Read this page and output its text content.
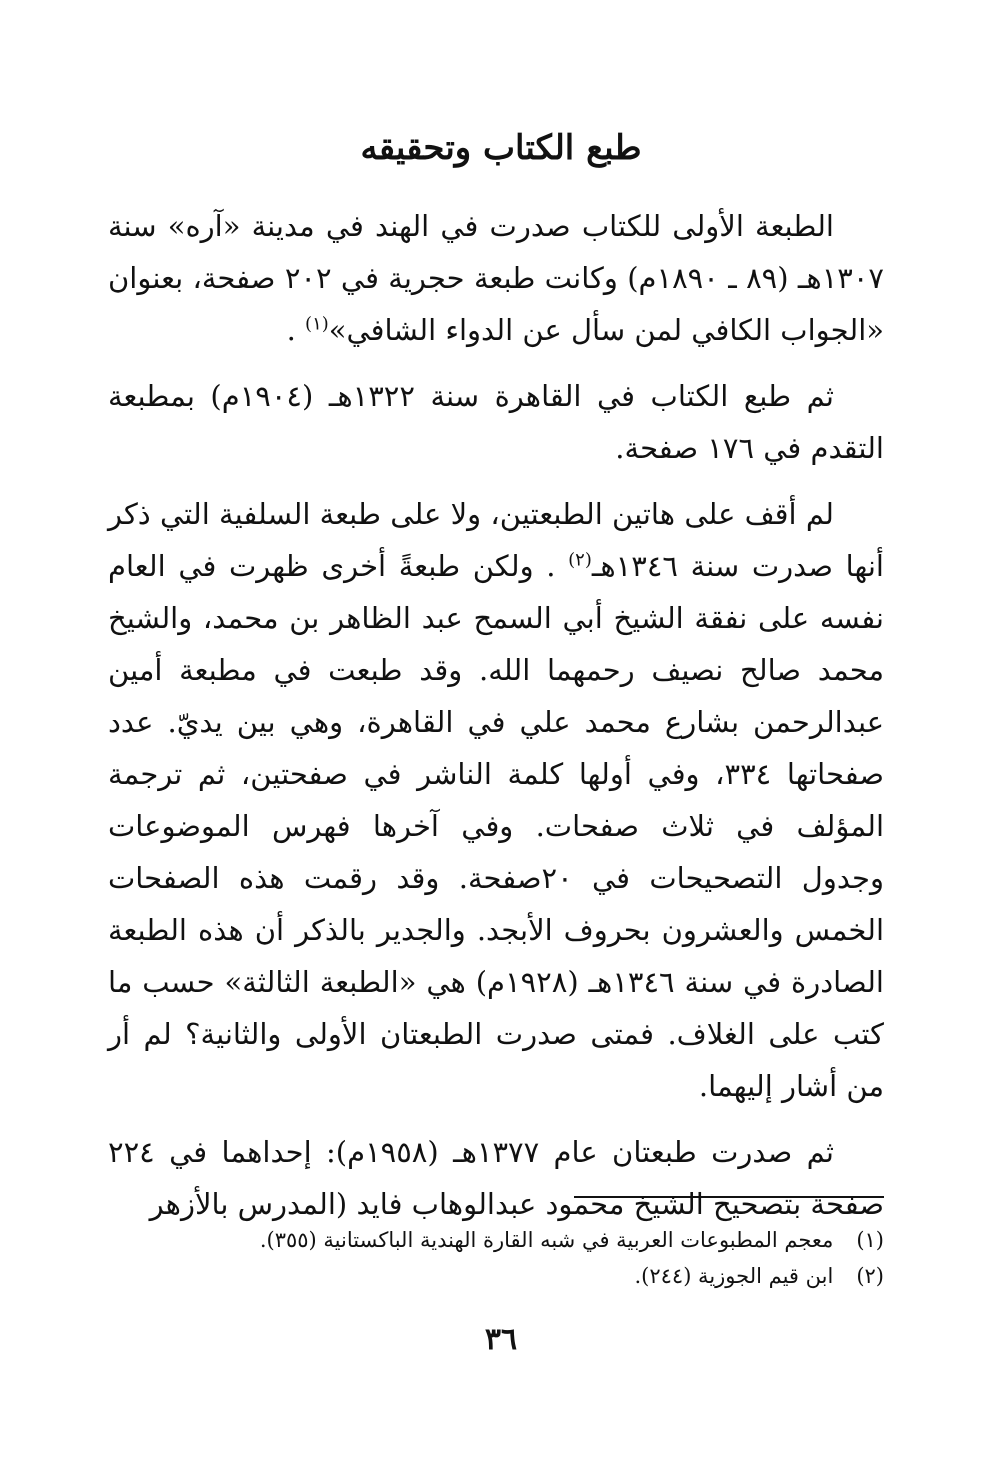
طبع الكتاب وتحقيقه

الطبعة الأولى للكتاب صدرت في الهند في مدينة «آره» سنة ١٣٠٧هـ (٨٩ ـ ١٨٩٠م) وكانت طبعة حجرية في ٢٠٢ صفحة، بعنوان «الجواب الكافي لمن سأل عن الدواء الشافي»$^{(١)}$ .

ثم طبع الكتاب في القاهرة سنة ١٣٢٢هـ (١٩٠٤م) بمطبعة التقدم في ١٧٦ صفحة.

لم أقف على هاتين الطبعتين، ولا على طبعة السلفية التي ذكر أنها صدرت سنة ١٣٤٦هـ$^{(٢)}$ . ولكن طبعةً أخرى ظهرت في العام نفسه على نفقة الشيخ أبي السمح عبد الظاهر بن محمد، والشيخ محمد صالح نصيف رحمهما الله. وقد طبعت في مطبعة أمين عبدالرحمن بشارع محمد علي في القاهرة، وهي بين يديّ. عدد صفحاتها ٣٣٤، وفي أولها كلمة الناشر في صفحتين، ثم ترجمة المؤلف في ثلاث صفحات. وفي آخرها فهرس الموضوعات وجدول التصحيحات في ٢٠صفحة. وقد رقمت هذه الصفحات الخمس والعشرون بحروف الأبجد. والجدير بالذكر أن هذه الطبعة الصادرة في سنة ١٣٤٦هـ (١٩٢٨م) هي «الطبعة الثالثة» حسب ما كتب على الغلاف. فمتى صدرت الطبعتان الأولى والثانية؟ لم أر من أشار إليهما.

ثم صدرت طبعتان عام ١٣٧٧هـ (١٩٥٨م): إحداهما في ٢٢٤ صفحة بتصحيح الشيخ محمود عبدالوهاب فايد (المدرس بالأزهر

(١) معجم المطبوعات العربية في شبه القارة الهندية الباكستانية (٣٥٥).
(٢) ابن قيم الجوزية (٢٤٤).
٣٦
